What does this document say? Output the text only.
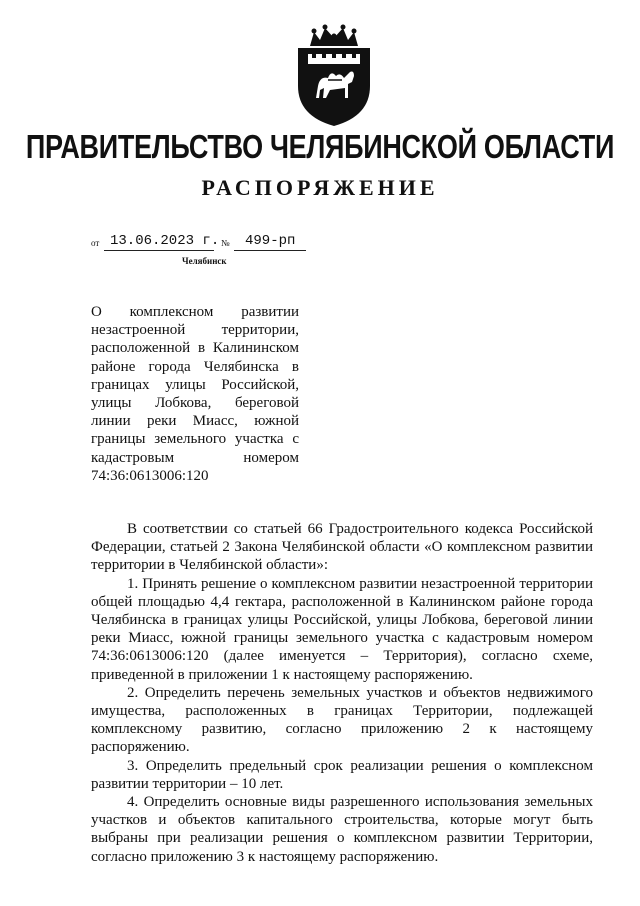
ПРАВИТЕЛЬСТВО ЧЕЛЯБИНСКОЙ ОБЛАСТИ
РАСПОРЯЖЕНИЕ
от 13.06.2023 г. № 499-рп
Челябинск
О комплексном развитии незастроенной территории, расположенной в Калининском районе города Челябинска в границах улицы Российской, улицы Лобкова, береговой линии реки Миасс, южной границы земельного участка с кадастровым номером 74:36:0613006:120

В соответствии со статьей 66 Градостроительного кодекса Российской Федерации, статьей 2 Закона Челябинской области «О комплексном развитии территории в Челябинской области»:

1. Принять решение о комплексном развитии незастроенной территории общей площадью 4,4 гектара, расположенной в Калининском районе города Челябинска в границах улицы Российской, улицы Лобкова, береговой линии реки Миасс, южной границы земельного участка с кадастровым номером 74:36:0613006:120 (далее именуется – Территория), согласно схеме, приведенной в приложении 1 к настоящему распоряжению.

2. Определить перечень земельных участков и объектов недвижимого имущества, расположенных в границах Территории, подлежащей комплексному развитию, согласно приложению 2 к настоящему распоряжению.

3. Определить предельный срок реализации решения о комплексном развитии территории – 10 лет.

4. Определить основные виды разрешенного использования земельных участков и объектов капитального строительства, которые могут быть выбраны при реализации решения о комплексном развитии Территории, согласно приложению 3 к настоящему распоряжению.
